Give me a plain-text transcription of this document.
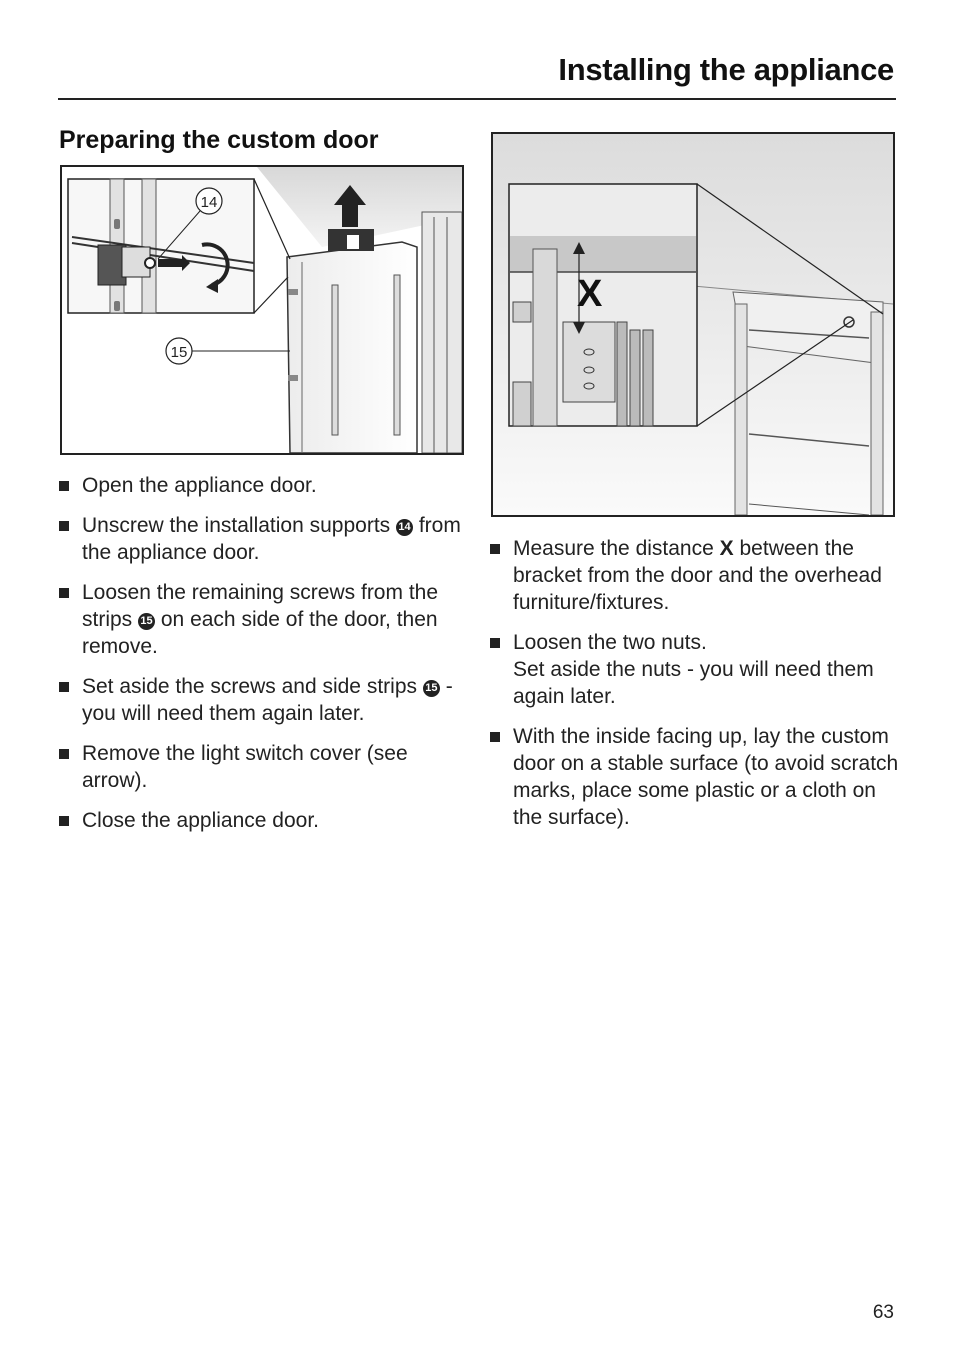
Installing the appliance
Preparing the custom door
14
15
X
Open the appliance door.
Unscrew the installation supports 14 from the appliance door.
Loosen the remaining screws from the strips 15 on each side of the door, then remove.
Set aside the screws and side strips 15 - you will need them again later.
Remove the light switch cover (see arrow).
Close the appliance door.
Measure the distance X between the bracket from the door and the overhead furniture/fixtures.
Loosen the two nuts.
Set aside the nuts - you will need them again later.
With the inside facing up, lay the custom door on a stable surface (to avoid scratch marks, place some plastic or a cloth on the surface).
63
